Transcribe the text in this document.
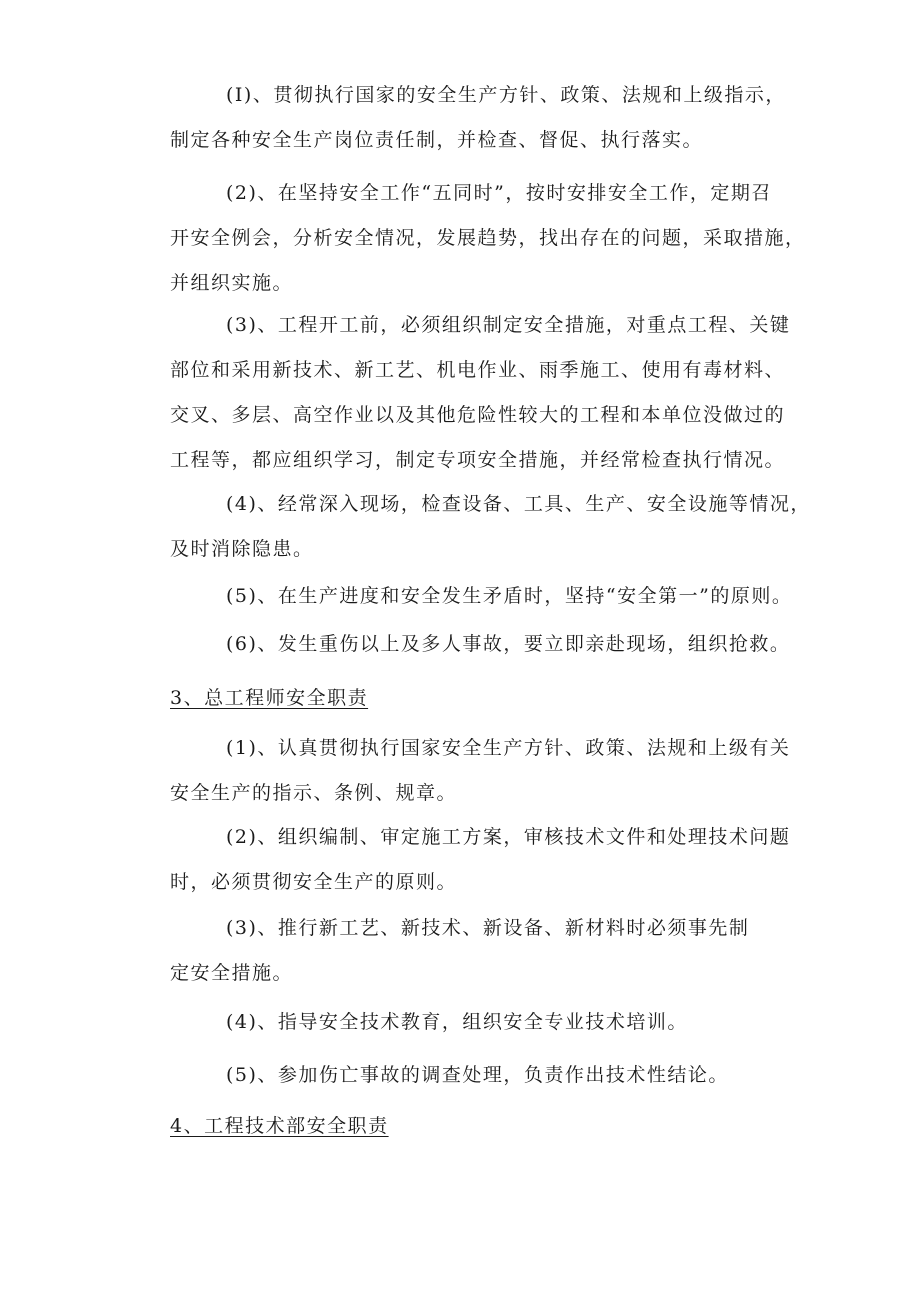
(I)、贯彻执行国家的安全生产方针、政策、法规和上级指示，
制定各种安全生产岗位责任制，并检查、督促、执行落实。

(2)、在坚持安全工作“五同时”，按时安排安全工作，定期召
开安全例会，分析安全情况，发展趋势，找出存在的问题，采取措施，
并组织实施。

(3)、工程开工前，必须组织制定安全措施，对重点工程、关键
部位和采用新技术、新工艺、机电作业、雨季施工、使用有毒材料、
交叉、多层、高空作业以及其他危险性较大的工程和本单位没做过的
工程等，都应组织学习，制定专项安全措施，并经常检查执行情况。

(4)、经常深入现场，检查设备、工具、生产、安全设施等情况，
及时消除隐患。

(5)、在生产进度和安全发生矛盾时，坚持“安全第一”的原则。

(6)、发生重伤以上及多人事故，要立即亲赴现场，组织抢救。

3、总工程师安全职责

(1)、认真贯彻执行国家安全生产方针、政策、法规和上级有关
安全生产的指示、条例、规章。

(2)、组织编制、审定施工方案，审核技术文件和处理技术问题
时，必须贯彻安全生产的原则。

(3)、推行新工艺、新技术、新设备、新材料时必须事先制
定安全措施。

(4)、指导安全技术教育，组织安全专业技术培训。

(5)、参加伤亡事故的调查处理，负责作出技术性结论。

4、工程技术部安全职责
